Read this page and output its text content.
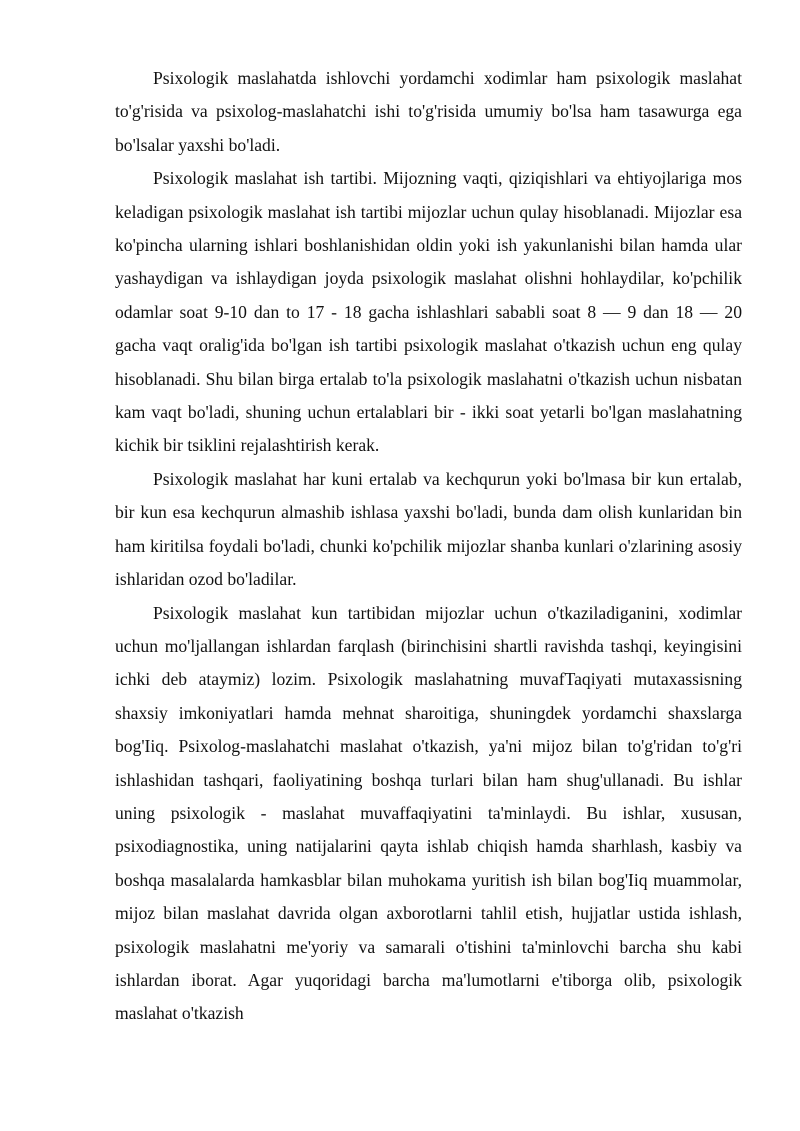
Psixologik maslahatda ishlovchi yordamchi xodimlar ham psixologik maslahat to'g'risida va psixolog-maslahatchi ishi to'g'risida umumiy bo'lsa ham tasawurga ega bo'lsalar yaxshi bo'ladi.

Psixologik maslahat ish tartibi. Mijozning vaqti, qiziqishlari va ehtiyojlariga mos keladigan psixologik maslahat ish tartibi mijozlar uchun qulay hisoblanadi. Mijozlar esa ko'pincha ularning ishlari boshlanishidan oldin yoki ish yakunlanishi bilan hamda ular yashaydigan va ishlaydigan joyda psixologik maslahat olishni hohlaydilar, ko'pchilik odamlar soat 9-10 dan to 17 - 18 gacha ishlashlari sababli soat 8 — 9 dan 18 — 20 gacha vaqt oralig'ida bo'lgan ish tartibi psixologik maslahat o'tkazish uchun eng qulay hisoblanadi. Shu bilan birga ertalab to'la psixologik maslahatni o'tkazish uchun nisbatan kam vaqt bo'ladi, shuning uchun ertalablari bir - ikki soat yetarli bo'lgan maslahatning kichik bir tsiklini rejalashtirish kerak.

Psixologik maslahat har kuni ertalab va kechqurun yoki bo'lmasa bir kun ertalab, bir kun esa kechqurun almashib ishlasa yaxshi bo'ladi, bunda dam olish kunlaridan bin ham kiritilsa foydali bo'ladi, chunki ko'pchilik mijozlar shanba kunlari o'zlarining asosiy ishlaridan ozod bo'ladilar.

Psixologik maslahat kun tartibidan mijozlar uchun o'tkaziladiganini, xodimlar uchun mo'ljallangan ishlardan farqlash (birinchisini shartli ravishda tashqi, keyingisini ichki deb ataymiz) lozim. Psixologik maslahatning muvafTaqiyati mutaxassisning shaxsiy imkoniyatlari hamda mehnat sharoitiga, shuningdek yordamchi shaxslarga bog'Iiq. Psixolog-maslahatchi maslahat o'tkazish, ya'ni mijoz bilan to'g'ridan to'g'ri ishlashidan tashqari, faoliyatining boshqa turlari bilan ham shug'ullanadi. Bu ishlar uning psixologik - maslahat muvaffaqiyatini ta'minlaydi. Bu ishlar, xususan, psixodiagnostika, uning natijalarini qayta ishlab chiqish hamda sharhlash, kasbiy va boshqa masalalarda hamkasblar bilan muhokama yuritish ish bilan bog'Iiq muammolar, mijoz bilan maslahat davrida olgan axborotlarni tahlil etish, hujjatlar ustida ishlash, psixologik maslahatni me'yoriy va samarali o'tishini ta'minlovchi barcha shu kabi ishlardan iborat. Agar yuqoridagi barcha ma'lumotlarni e'tiborga olib, psixologik maslahat o'tkazish
